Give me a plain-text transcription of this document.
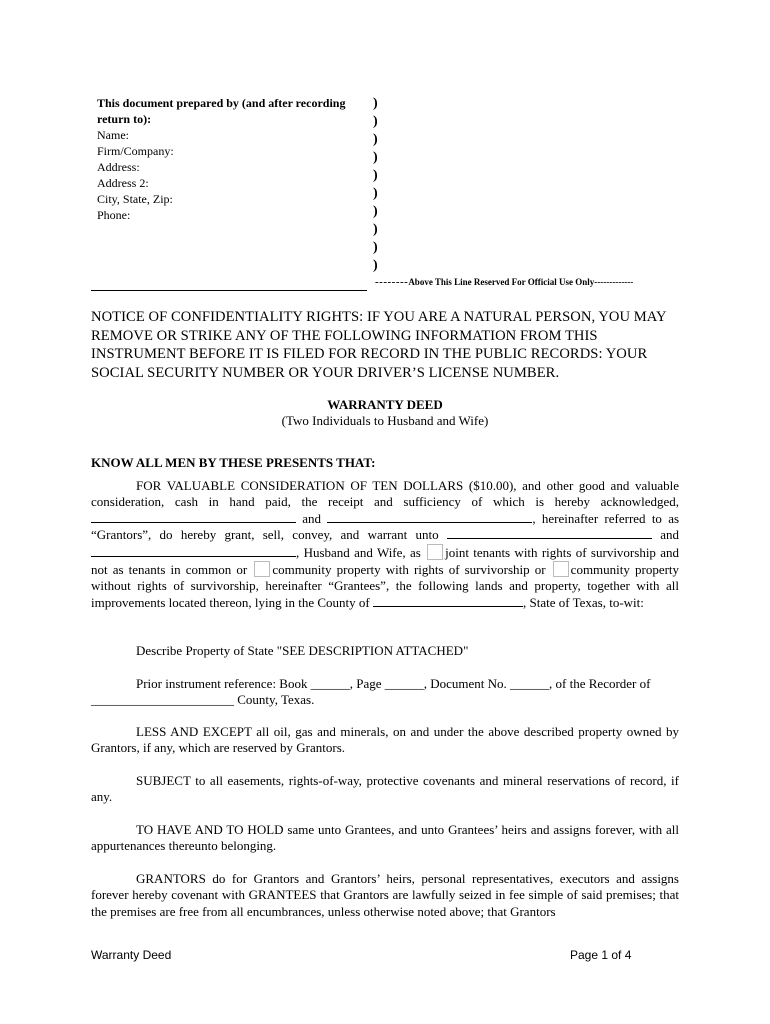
This document prepared by (and after recording return to):
Name:
Firm/Company:
Address:
Address 2:
City, State, Zip:
Phone:
)
)
)
)
)
)
)
)
)
)
--------Above This Line Reserved For Official Use Only-------------
NOTICE OF CONFIDENTIALITY RIGHTS: IF YOU ARE A NATURAL PERSON, YOU MAY REMOVE OR STRIKE ANY OF THE FOLLOWING INFORMATION FROM THIS INSTRUMENT BEFORE IT IS FILED FOR RECORD IN THE PUBLIC RECORDS: YOUR SOCIAL SECURITY NUMBER OR YOUR DRIVER’S LICENSE NUMBER.
WARRANTY DEED
(Two Individuals to Husband and Wife)
KNOW ALL MEN BY THESE PRESENTS THAT:
FOR VALUABLE CONSIDERATION OF TEN DOLLARS ($10.00), and other good and valuable consideration, cash in hand paid, the receipt and sufficiency of which is hereby acknowledged,  and	, hereinafter referred to as “Grantors”, do hereby grant, sell, convey, and warrant unto	and , Husband and Wife, as joint tenants with rights of survivorship and not as tenants in common or community property with rights of survivorship or community property without rights of survivorship, hereinafter “Grantees”, the following lands and property, together with all improvements located thereon, lying in the County of	, State of Texas, to-wit:
Describe Property of State "SEE DESCRIPTION ATTACHED"
Prior instrument reference: Book ______, Page ______, Document No. ______, of the Recorder of
______________________ County, Texas.
LESS AND EXCEPT all oil, gas and minerals, on and under the above described property owned by Grantors, if any, which are reserved by Grantors.
SUBJECT to all easements, rights-of-way, protective covenants and mineral reservations of record, if any.
TO HAVE AND TO HOLD same unto Grantees, and unto Grantees’ heirs and assigns forever, with all appurtenances thereunto belonging.
GRANTORS do for Grantors and Grantors’ heirs, personal representatives, executors and assigns forever hereby covenant with GRANTEES that Grantors are lawfully seized in fee simple of said premises; that the premises are free from all encumbrances, unless otherwise noted above; that Grantors
Warranty Deed	Page 1 of 4
